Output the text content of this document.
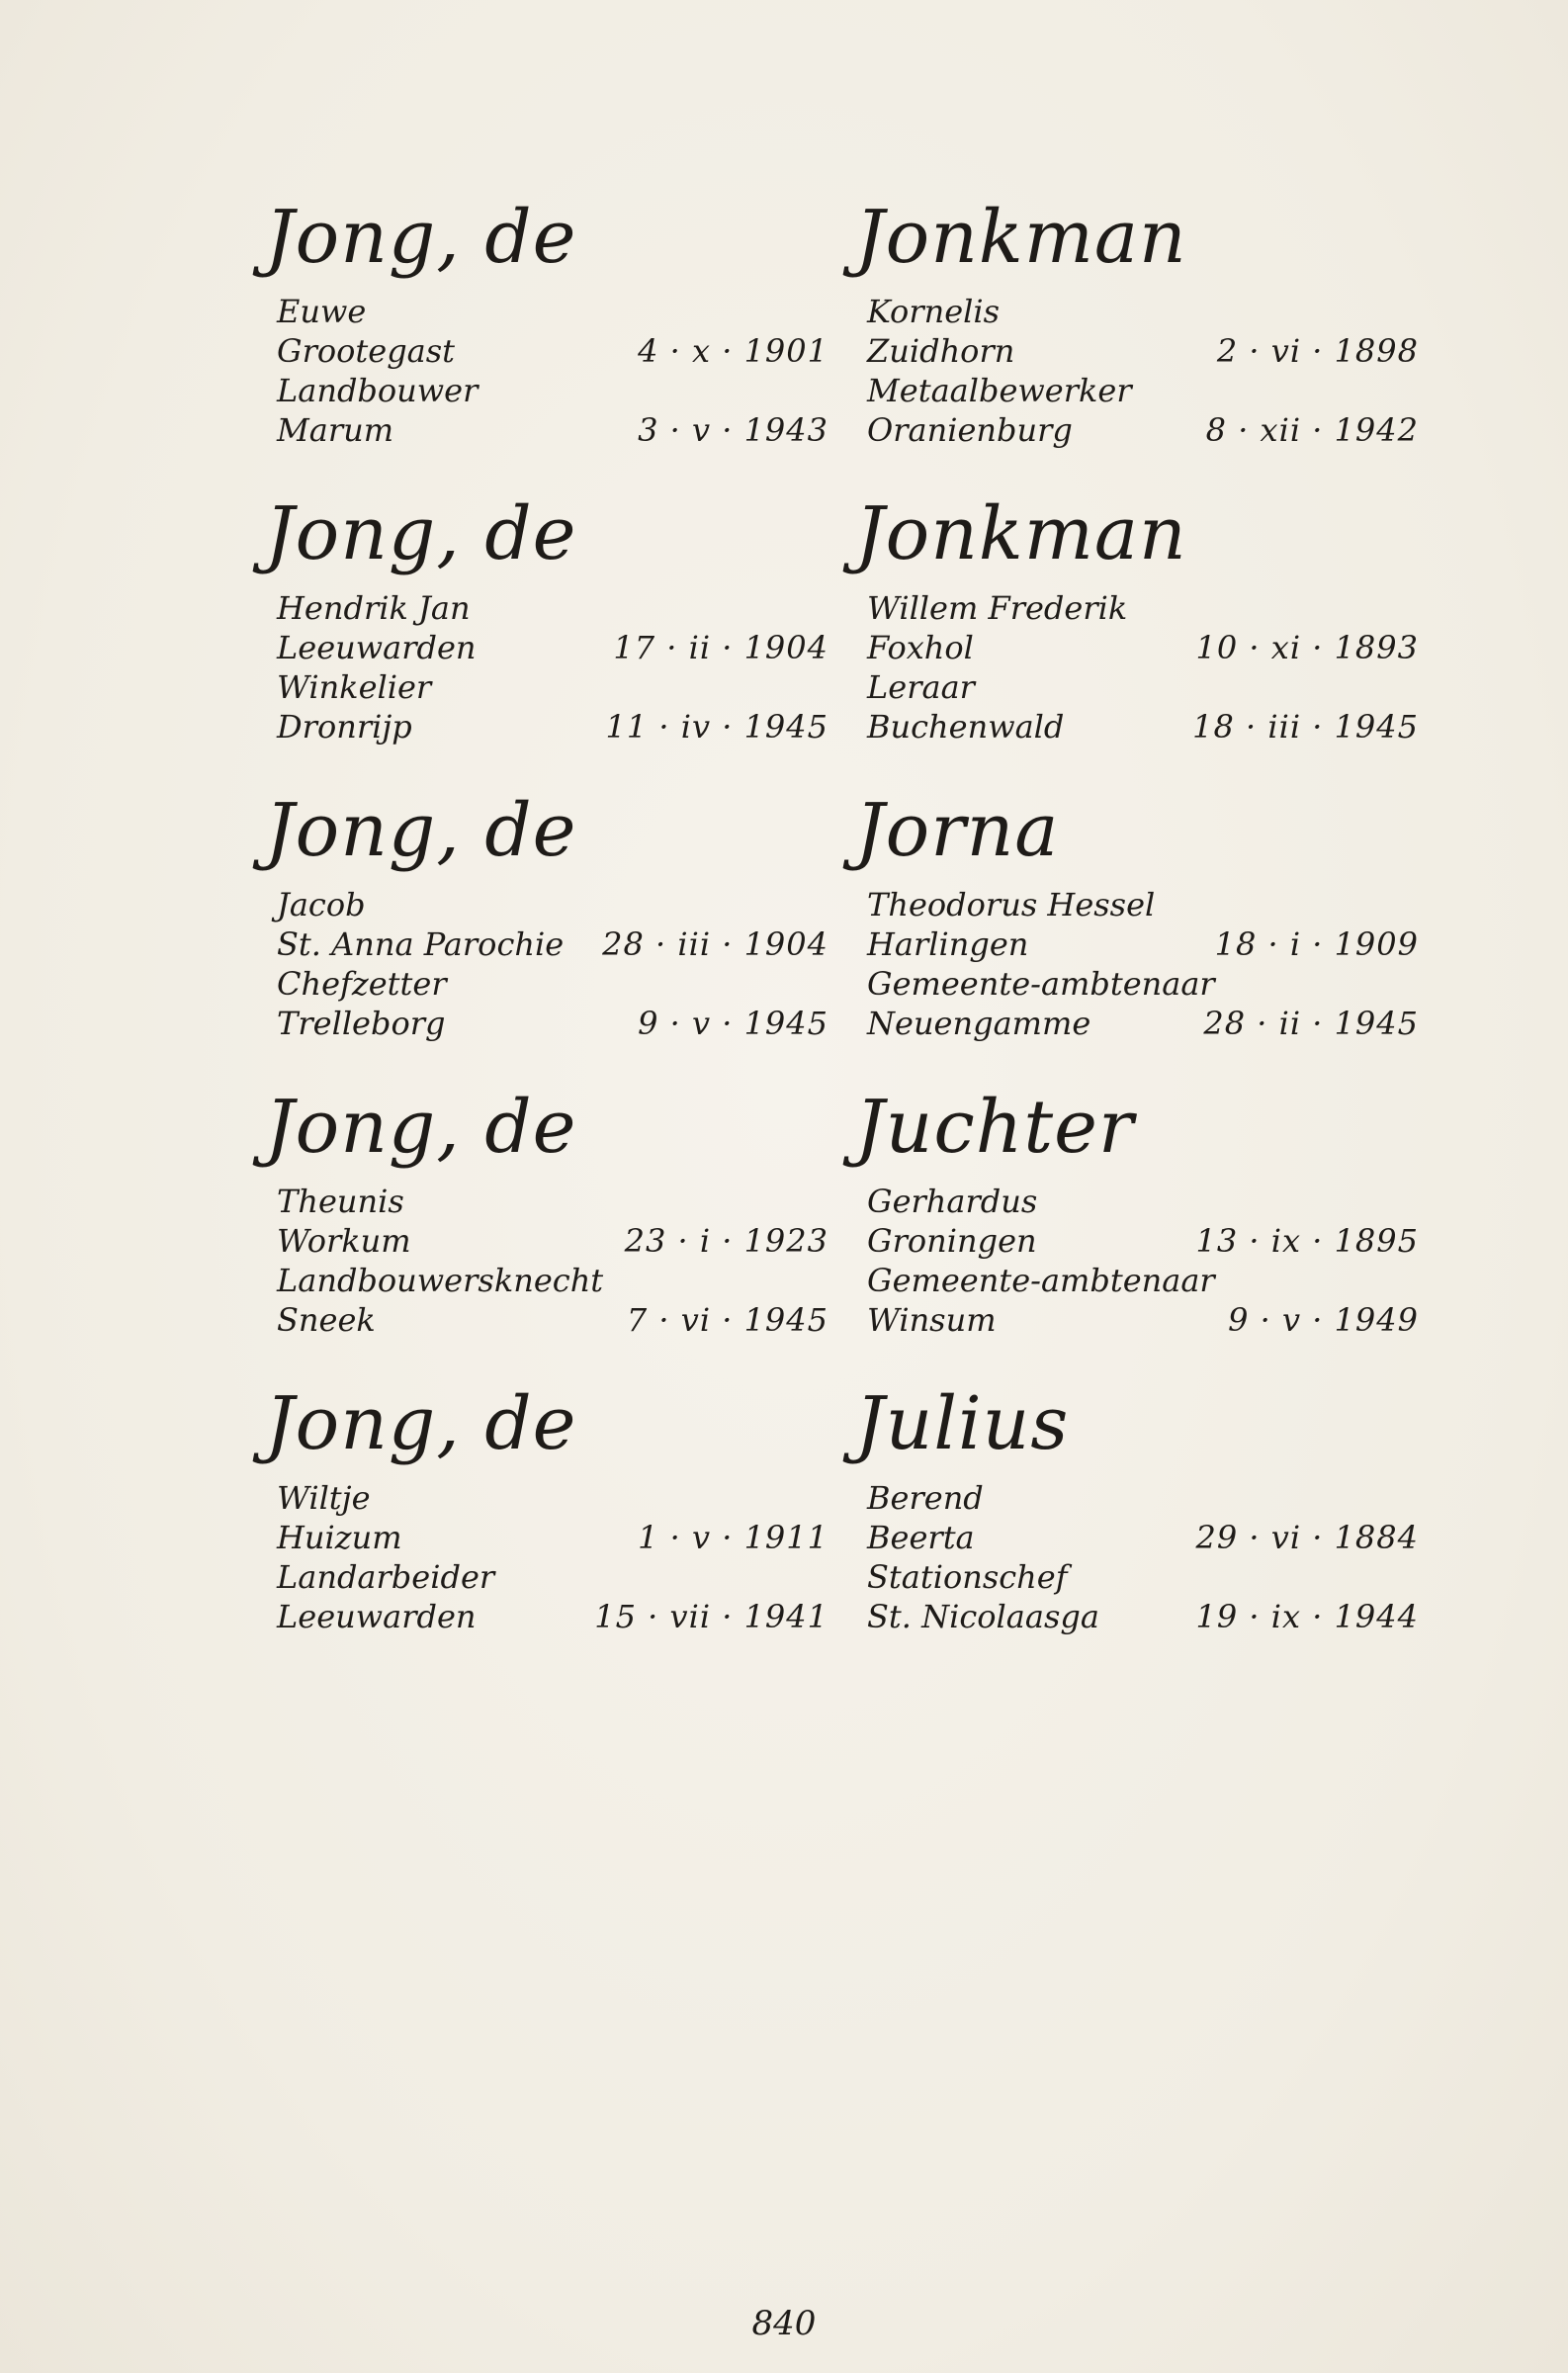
Jong, de
Euwe
Grootegast	4 · x · 1901
Landbouwer
Marum	3 · v · 1943
Jong, de
Hendrik Jan
Leeuwarden	17 · ii · 1904
Winkelier
Dronrijp	11 · iv · 1945
Jong, de
Jacob
St. Anna Parochie 28 · iii · 1904
Chefzetter
Trelleborg	9 · v · 1945
Jong, de
Theunis
Workum	23 · i · 1923
Landbouwersknecht
Sneek	7 · vi · 1945
Jong, de
Wiltje
Huizum	1 · v · 1911
Landarbeider
Leeuwarden	15 · vii · 1941
Jonkman
Kornelis
Zuidhorn	2 · vi · 1898
Metaalbewerker
Oranienburg	8 · xii · 1942
Jonkman
Willem Frederik
Foxhol	10 · xi · 1893
Leraar
Buchenwald	18 · iii · 1945
Jorna
Theodorus Hessel
Harlingen	18 · i · 1909
Gemeente-ambtenaar
Neuengamme	28 · ii · 1945
Juchter
Gerhardus
Groningen	13 · ix · 1895
Gemeente-ambtenaar
Winsum	9 · v · 1949
Julius
Berend
Beerta	29 · vi · 1884
Stationschef
St. Nicolaasga	19 · ix · 1944
840
